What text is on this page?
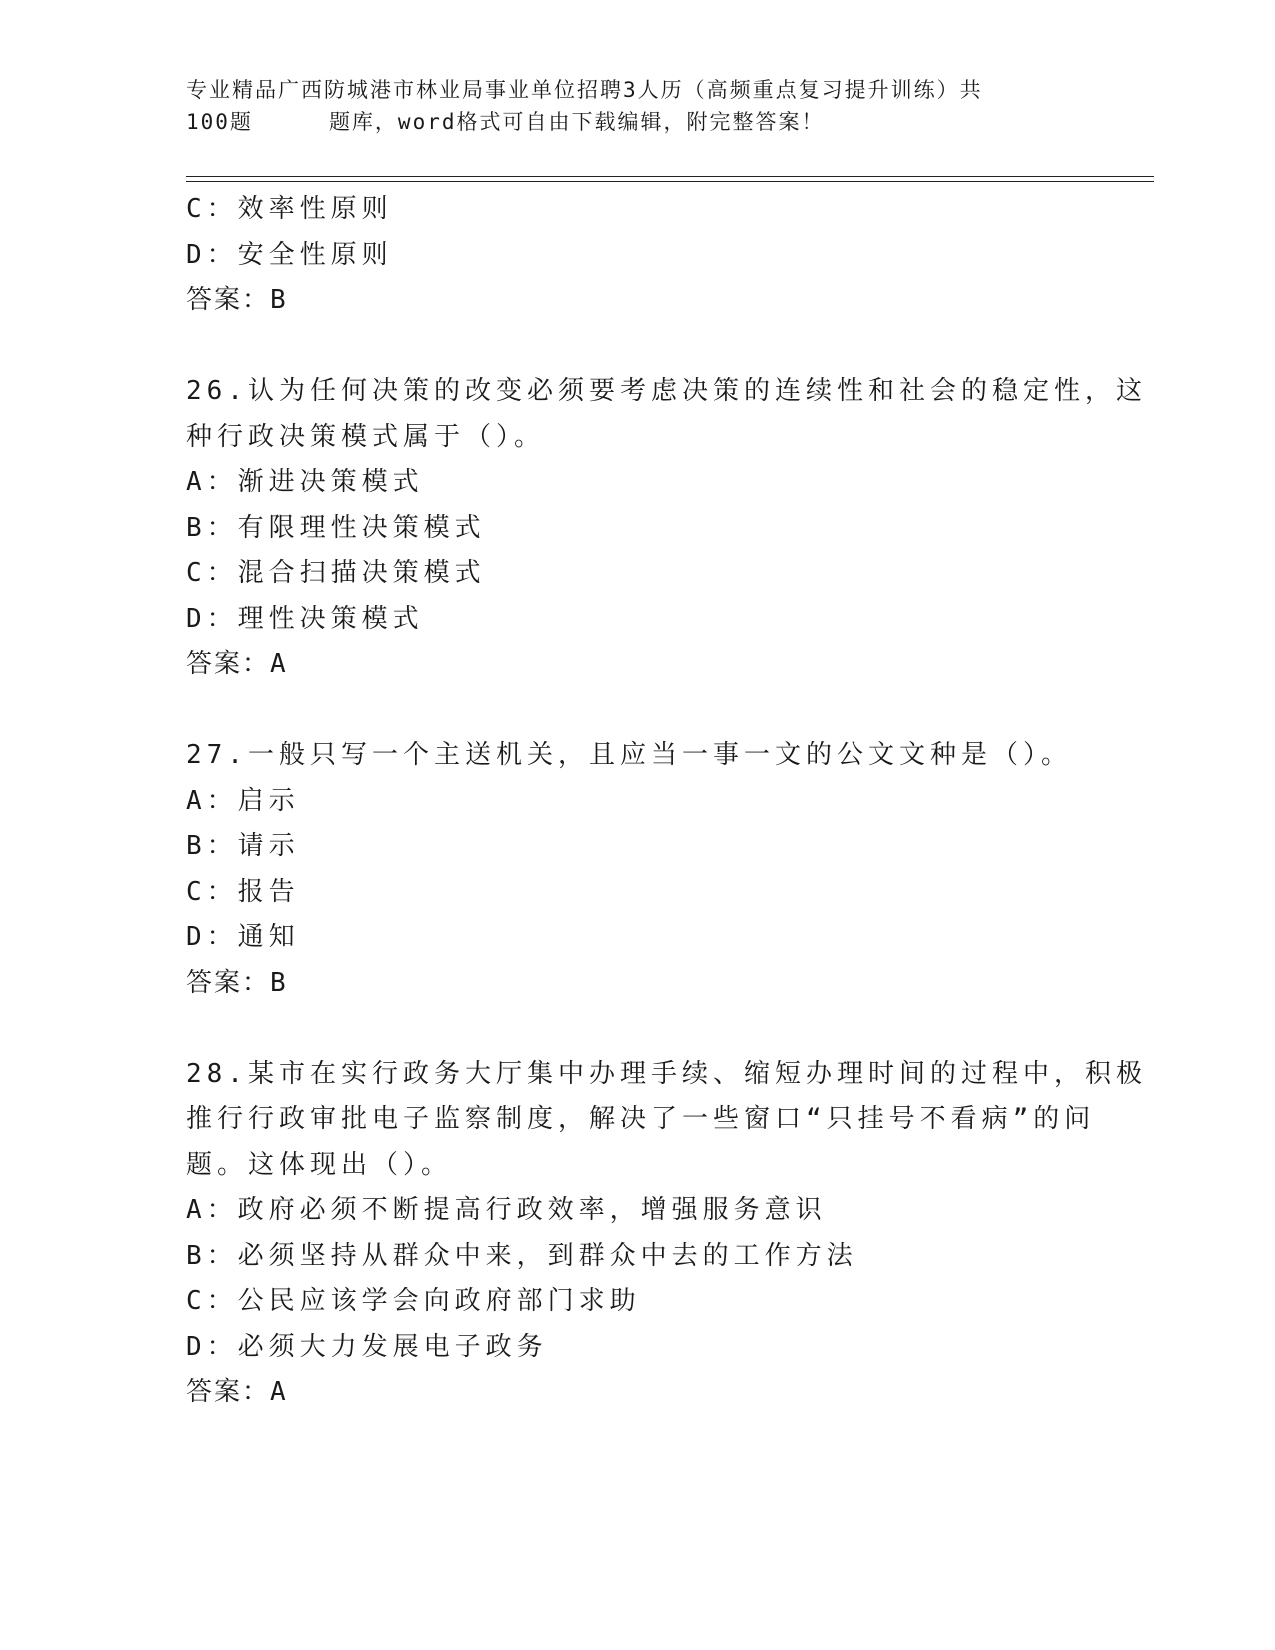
专业精品广西防城港市林业局事业单位招聘3人历（高频重点复习提升训练）共
100题	题库，word格式可自由下载编辑，附完整答案！
C：效率性原则
D：安全性原则
答案：B
26.认为任何决策的改变必须要考虑决策的连续性和社会的稳定性，这
种行政决策模式属于（）。
A：渐进决策模式
B：有限理性决策模式
C：混合扫描决策模式
D：理性决策模式
答案：A
27.一般只写一个主送机关，且应当一事一文的公文文种是（）。
A：启示
B：请示
C：报告
D：通知
答案：B
28.某市在实行政务大厅集中办理手续、缩短办理时间的过程中，积极
推行行政审批电子监察制度，解决了一些窗口“只挂号不看病”的问
题。这体现出（）。
A：政府必须不断提高行政效率，增强服务意识
B：必须坚持从群众中来，到群众中去的工作方法
C：公民应该学会向政府部门求助
D：必须大力发展电子政务
答案：A
